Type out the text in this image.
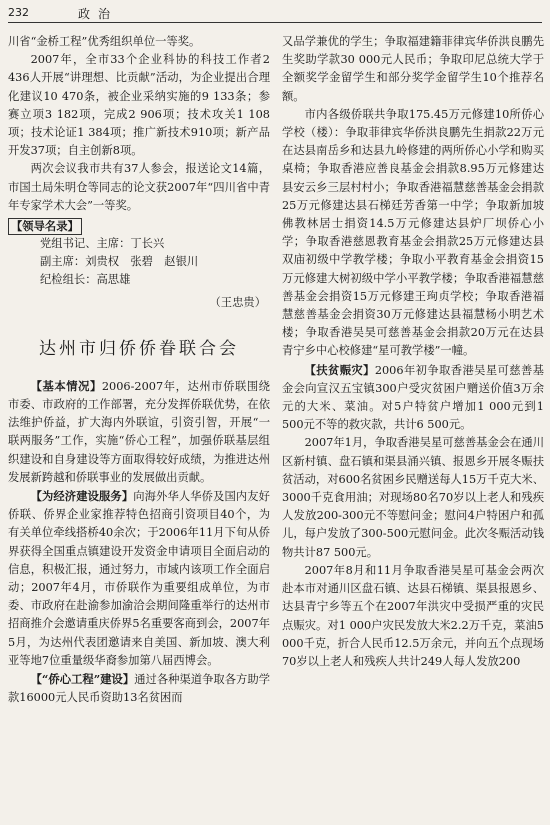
232	政治

川省“金桥工程”优秀组织单位一等奖。

2007年，全市33个企业科协的科技工作者2 436人开展“讲理想、比贡献”活动，为企业提出合理化建议10 470条，被企业采纳实施的9 133条；参赛立项3 182项，完成2 906项；技术攻关1 108项；技术论证1 384项；推广新技术910项；新产品开发37项；自主创新8项。

两次会议我市共有37人参会，报送论文14篇，市国土局朱明仓等同志的论文获2007年“四川省中青年专家学术大会”一等奖。

【领导名录】
党组书记、主席：丁长兴
副主席：刘贵权　张碧　赵银川
纪检组长：高思雄
（王忠贵）
达州市归侨侨眷联合会

【基本情况】2006-2007年，达州市侨联围绕市委、市政府的工作部署，充分发挥侨联优势，在依法维护侨益，扩大海内外联谊，引资引智，开展“一联两服务”工作，实施“侨心工程”，加强侨联基层组织建设和自身建设等方面取得较好成绩，为推进达州发展新跨越和侨联事业的发展做出贡献。

【为经济建设服务】向海外华人华侨及国内友好侨联、侨界企业家推荐特色招商引资项目40个，为有关单位牵线搭桥40余次；于2006年11月下旬从侨界获得全国重点镇建设开发资金申请项目全面启动的信息，积极汇报，通过努力，市域内该项工作全面启动；2007年4月，市侨联作为重要组成单位，为市委、市政府在赴渝参加渝洽会期间隆重举行的达州市招商推介会邀请重庆侨界5名重要客商到会，2007年5月，为达州代表团邀请来自美国、新加坡、澳大利亚等地7位重量级华裔参加第八届西博会。

【“侨心工程”建设】通过各种渠道争取各方助学款16000元人民币资助13名贫困而

又品学兼优的学生；争取福建籍菲律宾华侨洪良鹏先生奖助学款30 000元人民币；争取印尼总统大学于全额奖学金留学生和部分奖学金留学生10个推荐名额。

市内各级侨联共争取175.45万元修建10所侨心学校（楼）：争取菲律宾华侨洪良鹏先生捐款22万元在达县南岳乡和达县九岭修建的两所侨心小学和购买桌椅；争取香港应善良基金会捐款8.95万元修建达县安云乡三层村村小；争取香港福慧慈善基金会捐款25万元修建达县石梯廷芳香第一中学；争取新加坡佛教林居士捐资14.5万元修建达县炉厂坝侨心小学；争取香港慈恩教育基金会捐款25万元修建达县双庙初级中学教学楼；争取小平教育基金会捐资15万元修建大树初级中学小平教学楼；争取香港福慧慈善基金会捐资15万元修建王珣贞学校；争取香港福慧慈善基金会捐资30万元修建达县福慧杨小明艺术楼；争取香港吴昊可慈善基金会捐款20万元在达县青宁乡中心校修建“星可教学楼”一幢。

【扶贫赈灾】2006年初争取香港吴星可慈善基金会向宣汉五宝镇300户受灾贫困户赠送价值3万余元的大米、菜油。对5户特贫户增加1 000元到1 500元不等的救灾款，共计6 500元。

2007年1月，争取香港吴星可慈善基金会在通川区新村镇、盘石镇和渠县涌兴镇、报恩乡开展冬赈扶贫活动，对600名贫困乡民赠送每人15万千克大米、3000千克食用油；对现场80名70岁以上老人和残疾人发放200-300元不等慰问金；慰问4户特困户和孤儿，每户发放了300-500元慰问金。此次冬赈活动钱物共计87 500元。

2007年8月和11月争取香港吴星可基金会两次赴本市对通川区盘石镇、达县石梯镇、渠县报恩乡、达县青宁乡等五个在2007年洪灾中受损严重的灾民点赈灾。对1 000户灾民发放大米2.2万千克，菜油5 000千克，折合人民币12.5万余元，并向五个点现场70岁以上老人和残疾人共计249人每人发放200
